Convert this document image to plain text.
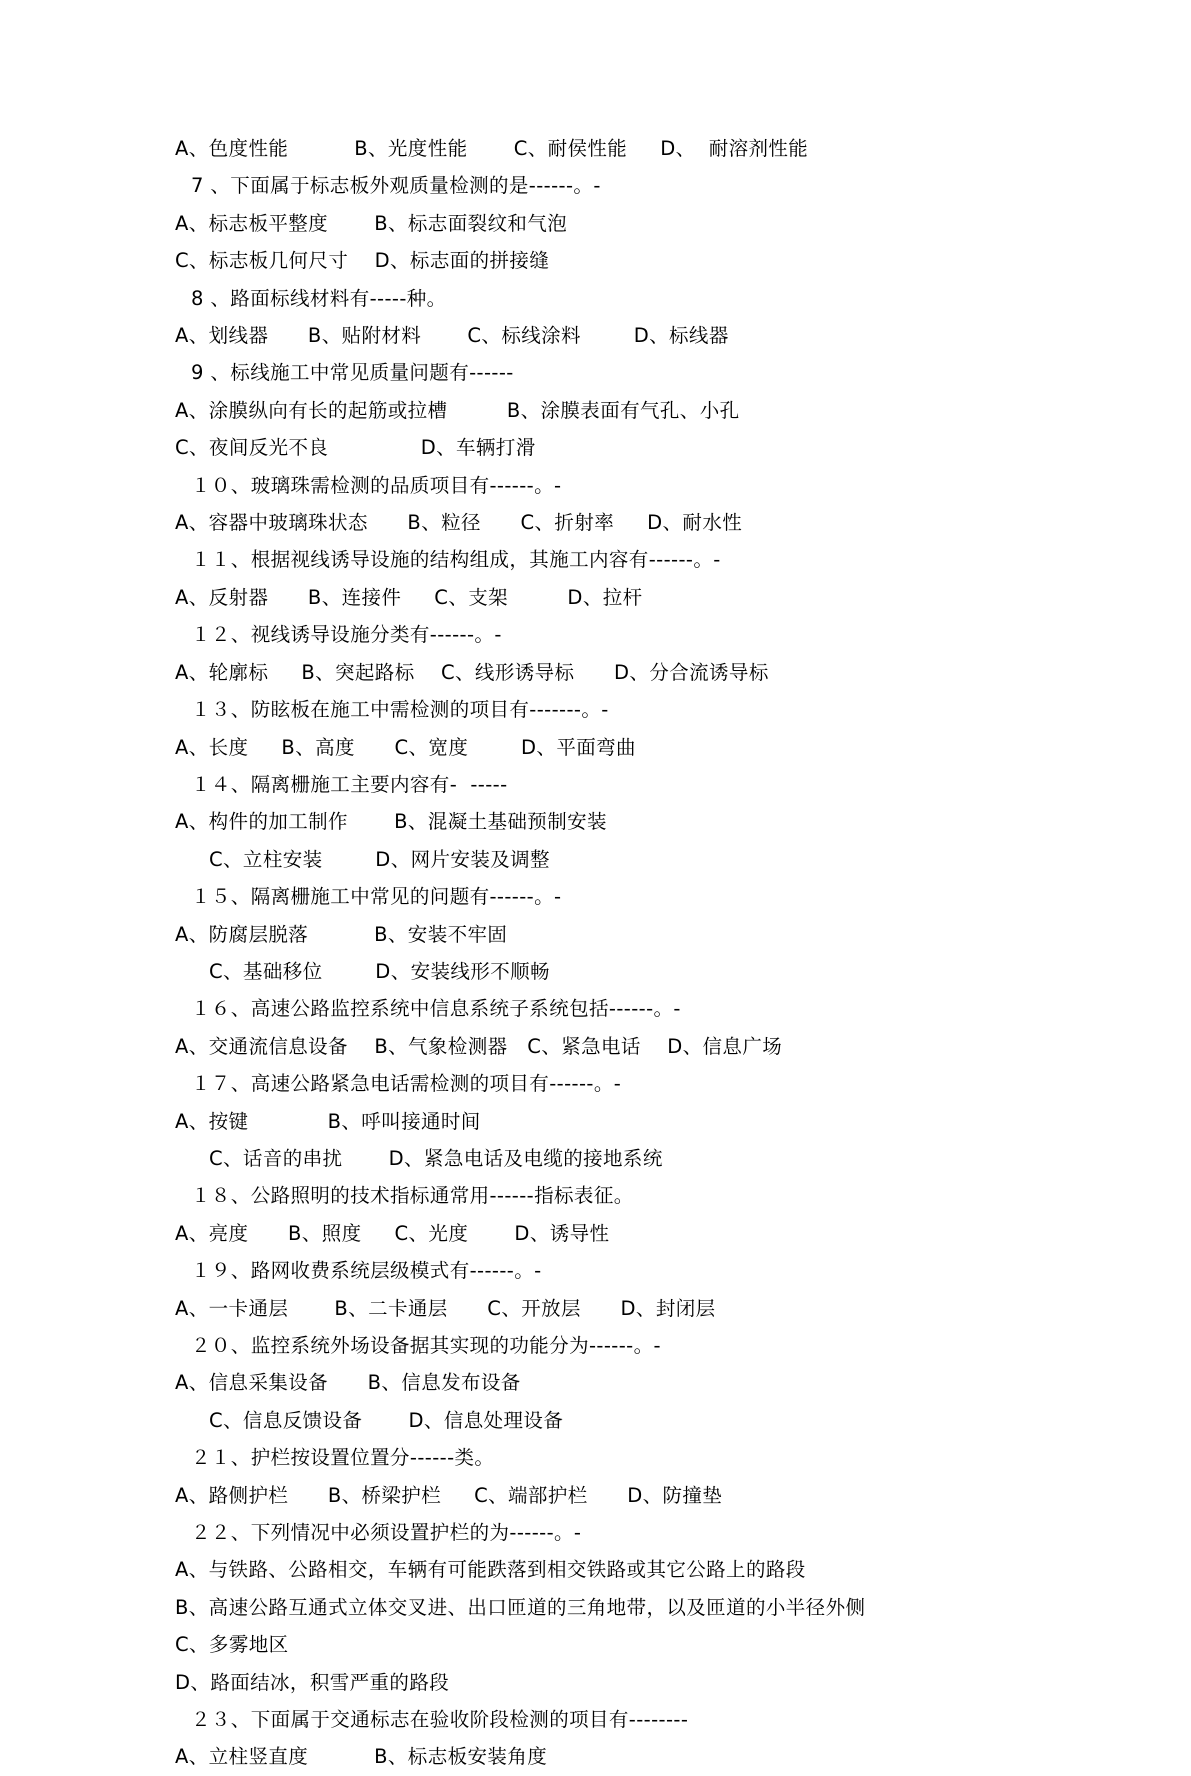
A、色度性能          B、光度性能       C、耐侯性能     D、  耐溶剂性能
7 、下面属于标志板外观质量检测的是------。-
A、标志板平整度       B、标志面裂纹和气泡
C、标志板几何尺寸    D、标志面的拼接缝
8 、路面标线材料有-----种。
A、划线器      B、贴附材料       C、标线涂料        D、标线器
9 、标线施工中常见质量问题有------
A、涂膜纵向有长的起筋或拉槽         B、涂膜表面有气孔、小孔
C、夜间反光不良              D、车辆打滑
１０、玻璃珠需检测的品质项目有------。-
A、容器中玻璃珠状态      B、粒径      C、折射率     D、耐水性
１１、根据视线诱导设施的结构组成，其施工内容有------。-
A、反射器      B、连接件     C、支架         D、拉杆
１２、视线诱导设施分类有------。-
A、轮廓标     B、突起路标    C、线形诱导标      D、分合流诱导标
１３、防眩板在施工中需检测的项目有-------。-
A、长度     B、高度      C、宽度        D、平面弯曲
１４、隔离栅施工主要内容有-  -----
A、构件的加工制作       B、混凝土基础预制安装
C、立柱安装        D、网片安装及调整
１５、隔离栅施工中常见的问题有------。-
A、防腐层脱落          B、安装不牢固
C、基础移位        D、安装线形不顺畅
１６、高速公路监控系统中信息系统子系统包括------。-
A、交通流信息设备    B、气象检测器   C、紧急电话    D、信息广场
１７、高速公路紧急电话需检测的项目有------。-
A、按键            B、呼叫接通时间
C、话音的串扰       D、紧急电话及电缆的接地系统
１８、公路照明的技术指标通常用------指标表征。
A、亮度      B、照度     C、光度       D、诱导性
１９、路网收费系统层级模式有------。-
A、一卡通层       B、二卡通层      C、开放层      D、封闭层
２０、监控系统外场设备据其实现的功能分为------。-
A、信息采集设备      B、信息发布设备
C、信息反馈设备       D、信息处理设备
２１、护栏按设置位置分------类。
A、路侧护栏      B、桥梁护栏     C、端部护栏      D、防撞垫
２２、下列情况中必须设置护栏的为------。-
A、与铁路、公路相交，车辆有可能跌落到相交铁路或其它公路上的路段
B、高速公路互通式立体交叉进、出口匝道的三角地带，以及匝道的小半径外侧
C、多雾地区
D、路面结冰，积雪严重的路段
２３、下面属于交通标志在验收阶段检测的项目有--------
A、立柱竖直度          B、标志板安装角度
